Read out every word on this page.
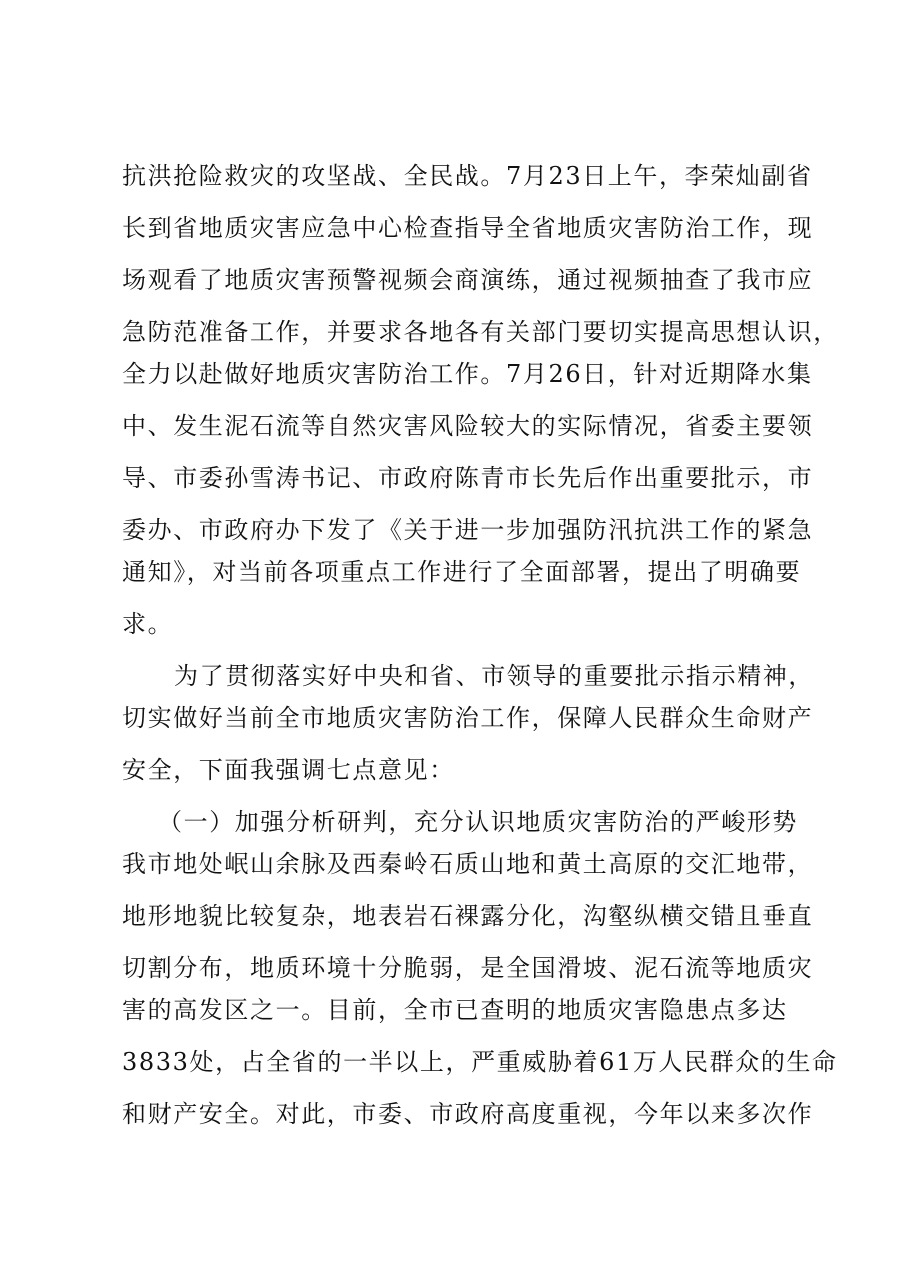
抗洪抢险救灾的攻坚战、全民战。7月23日上午，李荣灿副省
长到省地质灾害应急中心检查指导全省地质灾害防治工作，现
场观看了地质灾害预警视频会商演练，通过视频抽查了我市应
急防范准备工作，并要求各地各有关部门要切实提高思想认识，
全力以赴做好地质灾害防治工作。7月26日，针对近期降水集
中、发生泥石流等自然灾害风险较大的实际情况，省委主要领
导、市委孙雪涛书记、市政府陈青市长先后作出重要批示，市
委办、市政府办下发了《关于进一步加强防汛抗洪工作的紧急
通知》，对当前各项重点工作进行了全面部署，提出了明确要
求。
为了贯彻落实好中央和省、市领导的重要批示指示精神，
切实做好当前全市地质灾害防治工作，保障人民群众生命财产
安全，下面我强调七点意见：
（一）加强分析研判，充分认识地质灾害防治的严峻形势
我市地处岷山余脉及西秦岭石质山地和黄土高原的交汇地带，
地形地貌比较复杂，地表岩石裸露分化，沟壑纵横交错且垂直
切割分布，地质环境十分脆弱，是全国滑坡、泥石流等地质灾
害的高发区之一。目前，全市已查明的地质灾害隐患点多达
3833处，占全省的一半以上，严重威胁着61万人民群众的生命
和财产安全。对此，市委、市政府高度重视，今年以来多次作
